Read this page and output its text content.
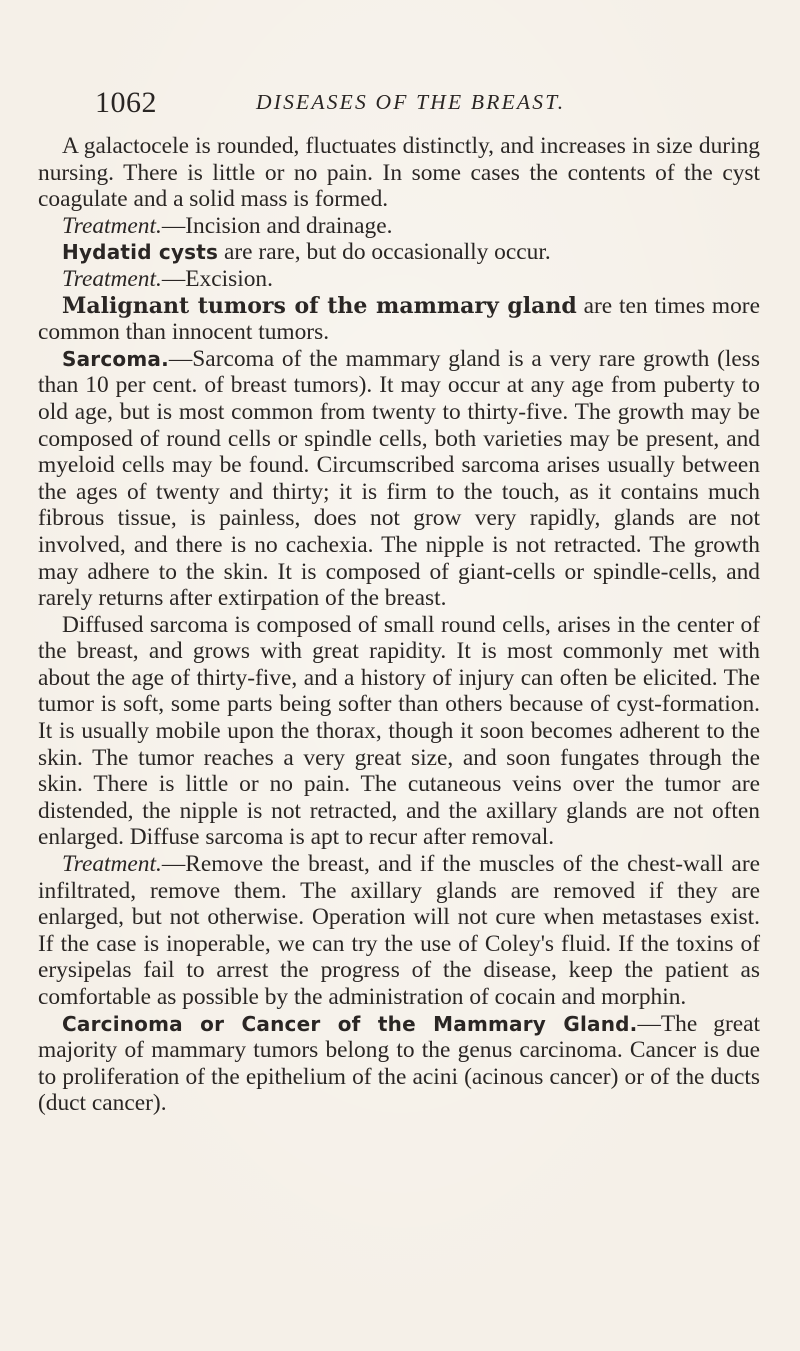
1062	DISEASES OF THE BREAST.

A galactocele is rounded, fluctuates distinctly, and increases in size during nursing. There is little or no pain. In some cases the contents of the cyst coagulate and a solid mass is formed.

Treatment.—Incision and drainage.

Hydatid cysts are rare, but do occasionally occur.

Treatment.—Excision.

Malignant tumors of the mammary gland are ten times more common than innocent tumors.

Sarcoma.—Sarcoma of the mammary gland is a very rare growth (less than 10 per cent. of breast tumors). It may occur at any age from puberty to old age, but is most common from twenty to thirty-five. The growth may be composed of round cells or spindle cells, both varieties may be present, and myeloid cells may be found. Circumscribed sarcoma arises usually between the ages of twenty and thirty; it is firm to the touch, as it contains much fibrous tissue, is painless, does not grow very rapidly, glands are not involved, and there is no cachexia. The nipple is not retracted. The growth may adhere to the skin. It is composed of giant-cells or spindle-cells, and rarely returns after extirpation of the breast.

Diffused sarcoma is composed of small round cells, arises in the center of the breast, and grows with great rapidity. It is most commonly met with about the age of thirty-five, and a history of injury can often be elicited. The tumor is soft, some parts being softer than others because of cyst-formation. It is usually mobile upon the thorax, though it soon becomes adherent to the skin. The tumor reaches a very great size, and soon fungates through the skin. There is little or no pain. The cutaneous veins over the tumor are distended, the nipple is not retracted, and the axillary glands are not often enlarged. Diffuse sarcoma is apt to recur after removal.

Treatment.—Remove the breast, and if the muscles of the chest-wall are infiltrated, remove them. The axillary glands are removed if they are enlarged, but not otherwise. Operation will not cure when metastases exist. If the case is inoperable, we can try the use of Coley's fluid. If the toxins of erysipelas fail to arrest the progress of the disease, keep the patient as comfortable as possible by the administration of cocain and morphin.

Carcinoma or Cancer of the Mammary Gland.—The great majority of mammary tumors belong to the genus carcinoma. Cancer is due to proliferation of the epithelium of the acini (acinous cancer) or of the ducts (duct cancer).
